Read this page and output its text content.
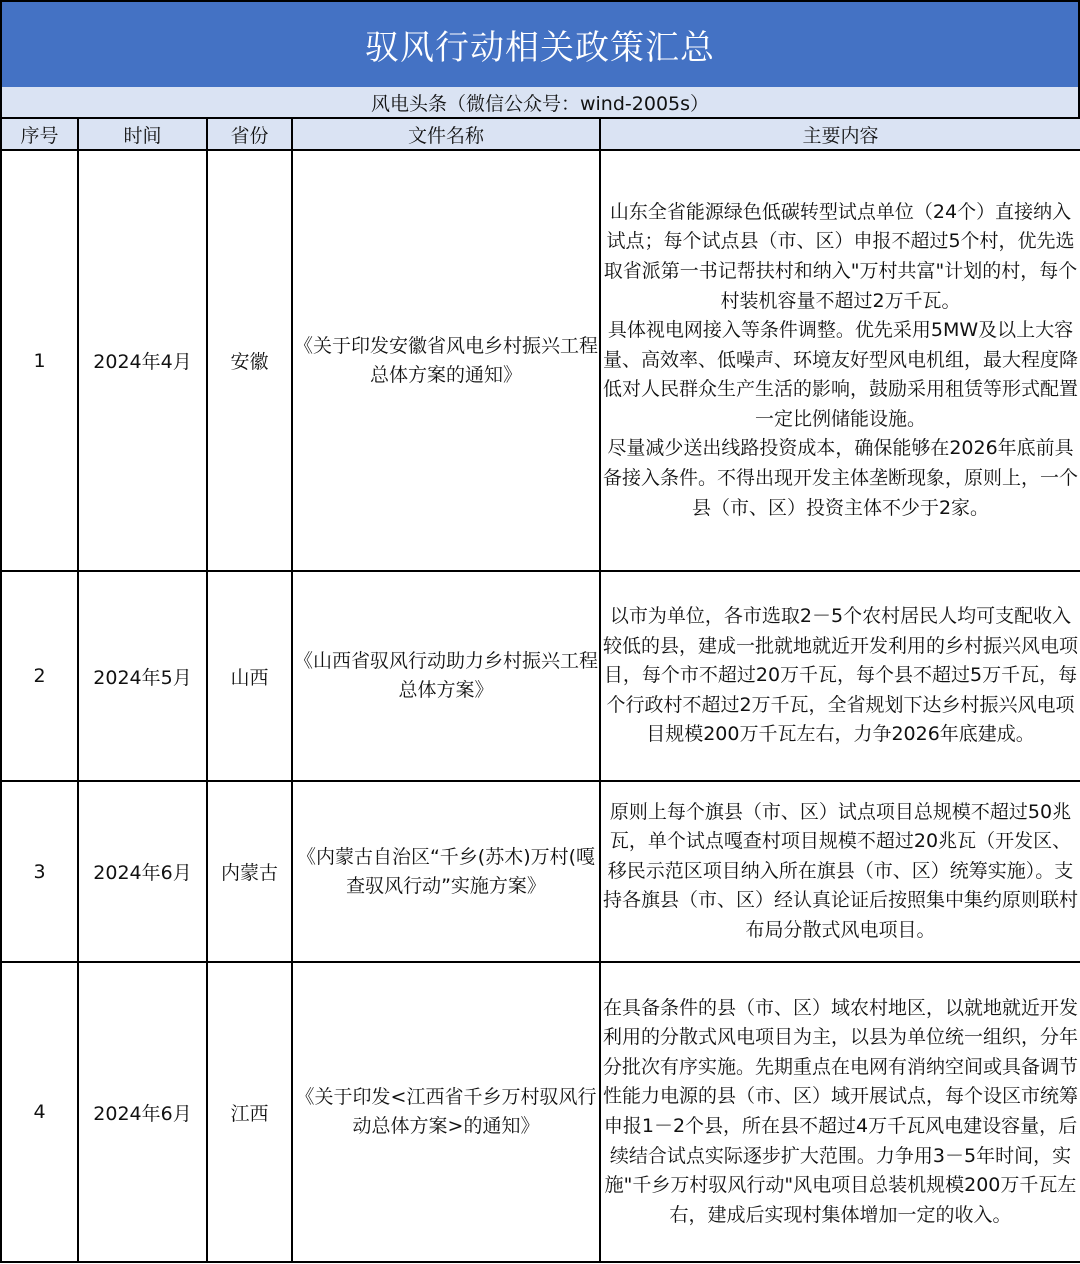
驭风行动相关政策汇总
风电头条（微信公众号：wind-2005s）
序号	时间	省份	文件名称	主要内容
1	2024年4月	安徽	《关于印发安徽省风电乡村振兴工程总体方案的通知》	山东全省能源绿色低碳转型试点单位（24个）直接纳入试点；每个试点县（市、区）申报不超过5个村，优先选取省派第一书记帮扶村和纳入"万村共富"计划的村，每个村装机容量不超过2万千瓦。
具体视电网接入等条件调整。优先采用5MW及以上大容量、高效率、低噪声、环境友好型风电机组，最大程度降低对人民群众生产生活的影响，鼓励采用租赁等形式配置一定比例储能设施。
尽量减少送出线路投资成本，确保能够在2026年底前具备接入条件。不得出现开发主体垄断现象，原则上，一个县（市、区）投资主体不少于2家。

2	2024年5月	山西	《山西省驭风行动助力乡村振兴工程总体方案》	以市为单位，各市选取2－5个农村居民人均可支配收入较低的县，建成一批就地就近开发利用的乡村振兴风电项目，每个市不超过20万千瓦，每个县不超过5万千瓦，每个行政村不超过2万千瓦，全省规划下达乡村振兴风电项目规模200万千瓦左右，力争2026年底建成。

3	2024年6月	内蒙古	《内蒙古自治区“千乡(苏木)万村(嘎查驭风行动”实施方案》	原则上每个旗县（市、区）试点项目总规模不超过50兆瓦，单个试点嘎查村项目规模不超过20兆瓦（开发区、移民示范区项目纳入所在旗县（市、区）统筹实施）。支持各旗县（市、区）经认真论证后按照集中集约原则联村布局分散式风电项目。

4	2024年6月	江西	《关于印发<江西省千乡万村驭风行动总体方案>的通知》	在具备条件的县（市、区）域农村地区，以就地就近开发利用的分散式风电项目为主，以县为单位统一组织，分年分批次有序实施。先期重点在电网有消纳空间或具备调节性能力电源的县（市、区）域开展试点，每个设区市统筹申报1－2个县，所在县不超过4万千瓦风电建设容量，后续结合试点实际逐步扩大范围。力争用3－5年时间，实施"千乡万村驭风行动"风电项目总装机规模200万千瓦左右，建成后实现村集体增加一定的收入。
